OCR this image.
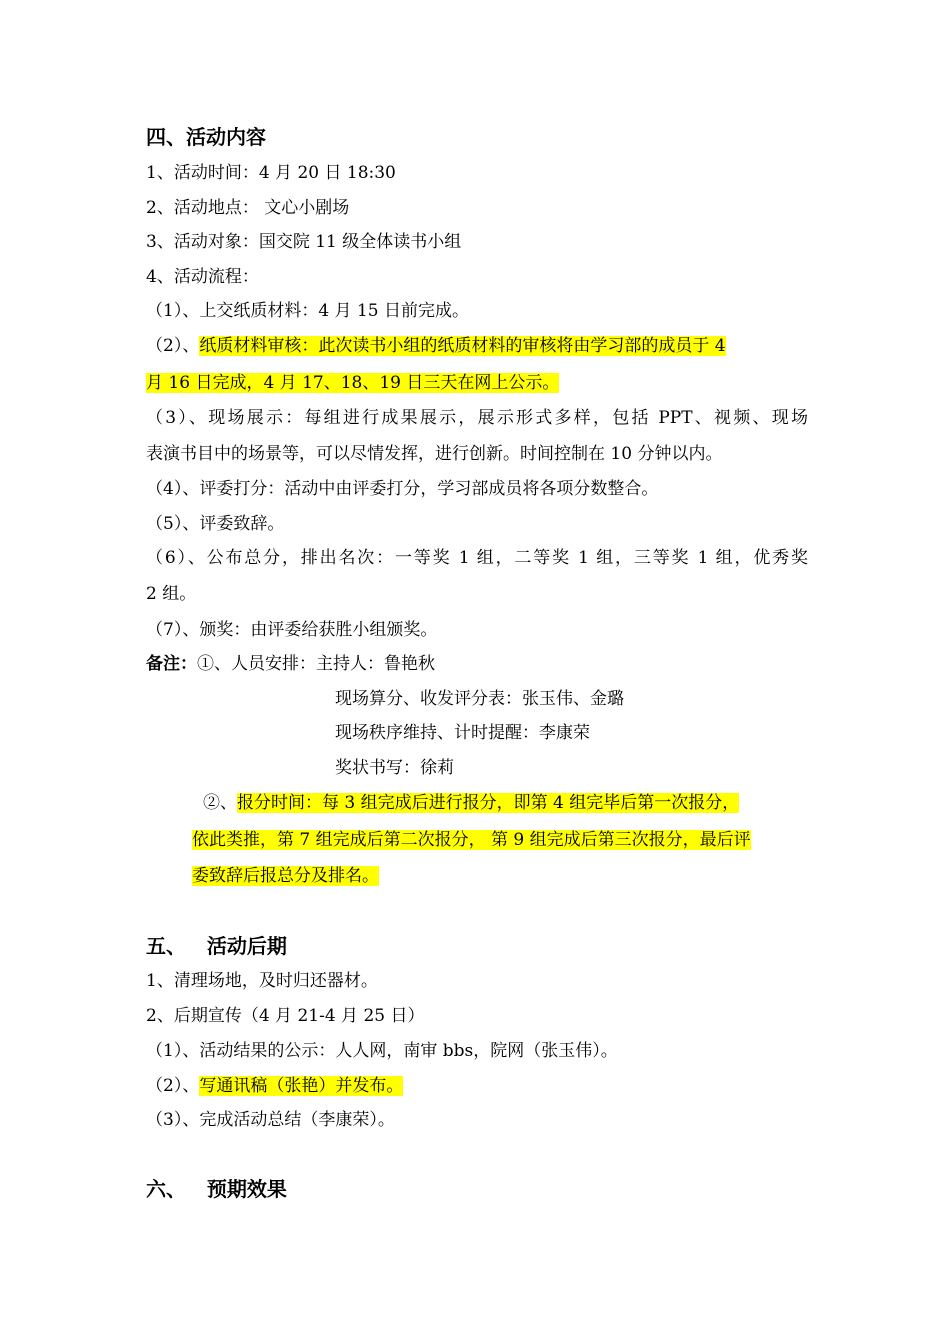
四、活动内容
1、活动时间：4 月 20 日 18:30
2、活动地点： 文心小剧场
3、活动对象：国交院 11 级全体读书小组
4、活动流程：
（1）、上交纸质材料：4 月 15 日前完成。
（2）、纸质材料审核：此次读书小组的纸质材料的审核将由学习部的成员于 4
月 16 日完成，4 月 17、18、19 日三天在网上公示。
（3）、现场展示：每组进行成果展示，展示形式多样，包括 PPT、视频、现场
表演书目中的场景等，可以尽情发挥，进行创新。时间控制在 10 分钟以内。
（4）、评委打分：活动中由评委打分，学习部成员将各项分数整合。
（5）、评委致辞。
（6）、公布总分，排出名次：一等奖 1 组，二等奖 1 组，三等奖 1 组，优秀奖
2 组。
（7）、颁奖：由评委给获胜小组颁奖。
备注：①、人员安排：主持人：鲁艳秋
现场算分、收发评分表：张玉伟、金璐
现场秩序维持、计时提醒：李康荣
奖状书写：徐莉
②、报分时间：每 3 组完成后进行报分，即第 4 组完毕后第一次报分，
依此类推，第 7 组完成后第二次报分， 第 9 组完成后第三次报分，最后评
委致辞后报总分及排名。
五、   活动后期
1、清理场地，及时归还器材。
2、后期宣传（4 月 21-4 月 25 日）
（1）、活动结果的公示：人人网，南审 bbs，院网（张玉伟）。
（2）、写通讯稿（张艳）并发布。
（3）、完成活动总结（李康荣）。
六、   预期效果
